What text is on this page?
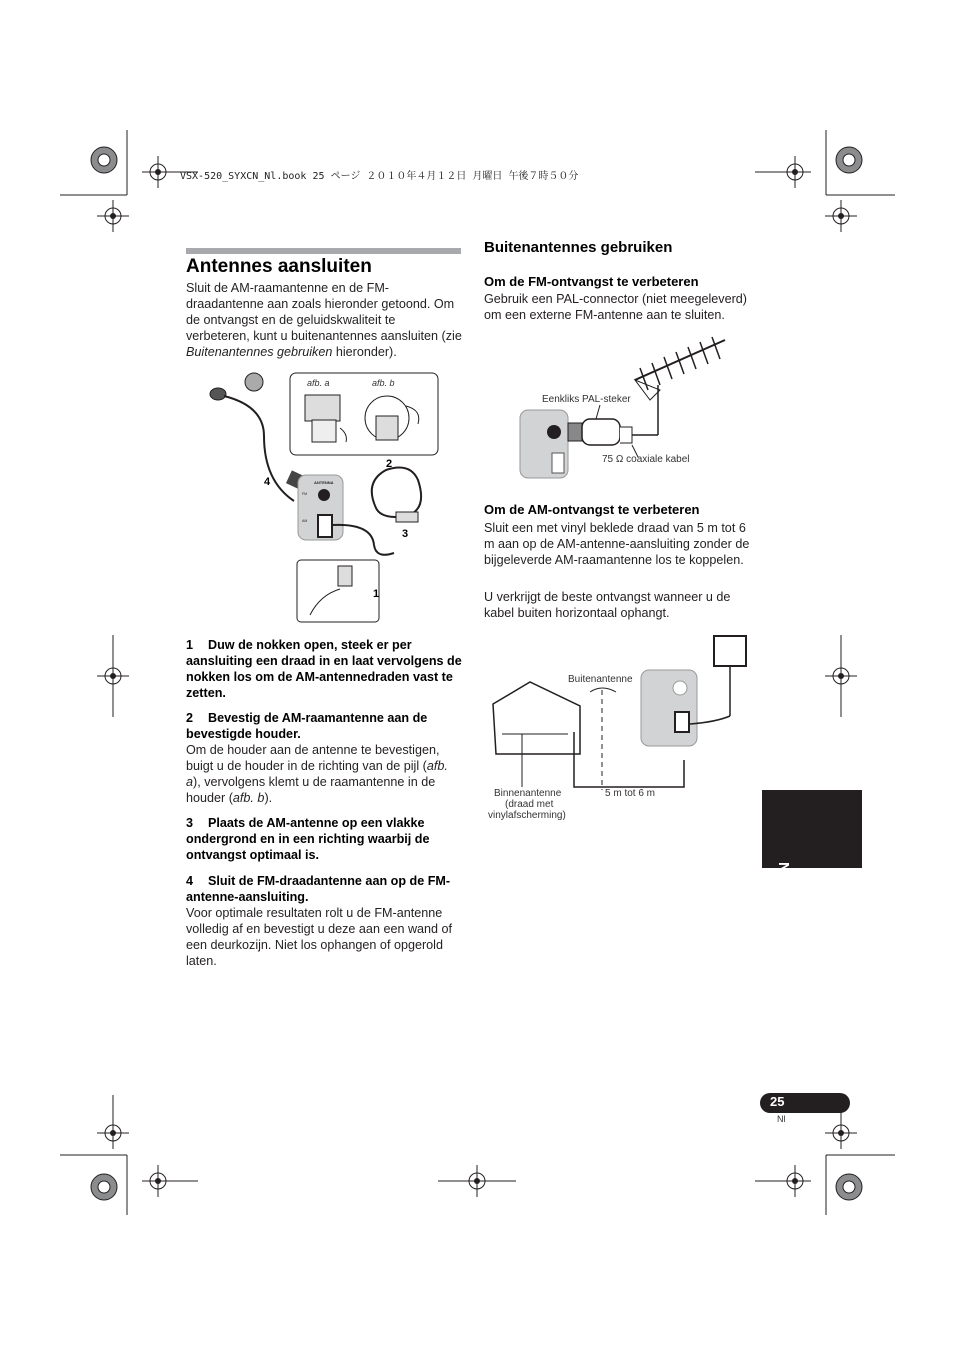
VSX-520_SYXCN_Nl.book 25 ページ ２０１０年４月１２日 月曜日 午後７時５０分
Antennes aansluiten
Sluit de AM-raamantenne en de FM-draadantenne aan zoals hieronder getoond. Om de ontvangst en de geluidskwaliteit te verbeteren, kunt u buitenantennes aansluiten (zie Buitenantennes gebruiken hieronder).
afb. a	afb. b
ANTENNA
FM
AM
1
2
3
4
1 Duw de nokken open, steek er per aansluiting een draad in en laat vervolgens de nokken los om de AM-antennedraden vast te zetten.
2 Bevestig de AM-raamantenne aan de bevestigde houder.
Om de houder aan de antenne te bevestigen, buigt u de houder in de richting van de pijl (afb. a), vervolgens klemt u de raamantenne in de houder (afb. b).
3 Plaats de AM-antenne op een vlakke ondergrond en in een richting waarbij de ontvangst optimaal is.
4 Sluit de FM-draadantenne aan op de FM-antenne-aansluiting.
Voor optimale resultaten rolt u de FM-antenne volledig af en bevestigt u deze aan een wand of een deurkozijn. Niet los ophangen of opgerold laten.
Buitenantennes gebruiken
Om de FM-ontvangst te verbeteren
Gebruik een PAL-connector (niet meegeleverd) om een externe FM-antenne aan te sluiten.
Eenkliks PAL-steker
75 Ω coaxiale kabel
Om de AM-ontvangst te verbeteren
Sluit een met vinyl beklede draad van 5 m tot 6 m aan op de AM-antenne-aansluiting zonder de bijgeleverde AM-raamantenne los te koppelen.
U verkrijgt de beste ontvangst wanneer u de kabel buiten horizontaal ophangt.
Buitenantenne
Binnenantenne
(draad met
vinylafscherming)
5 m tot 6 m
Nederlands
25
Nl
